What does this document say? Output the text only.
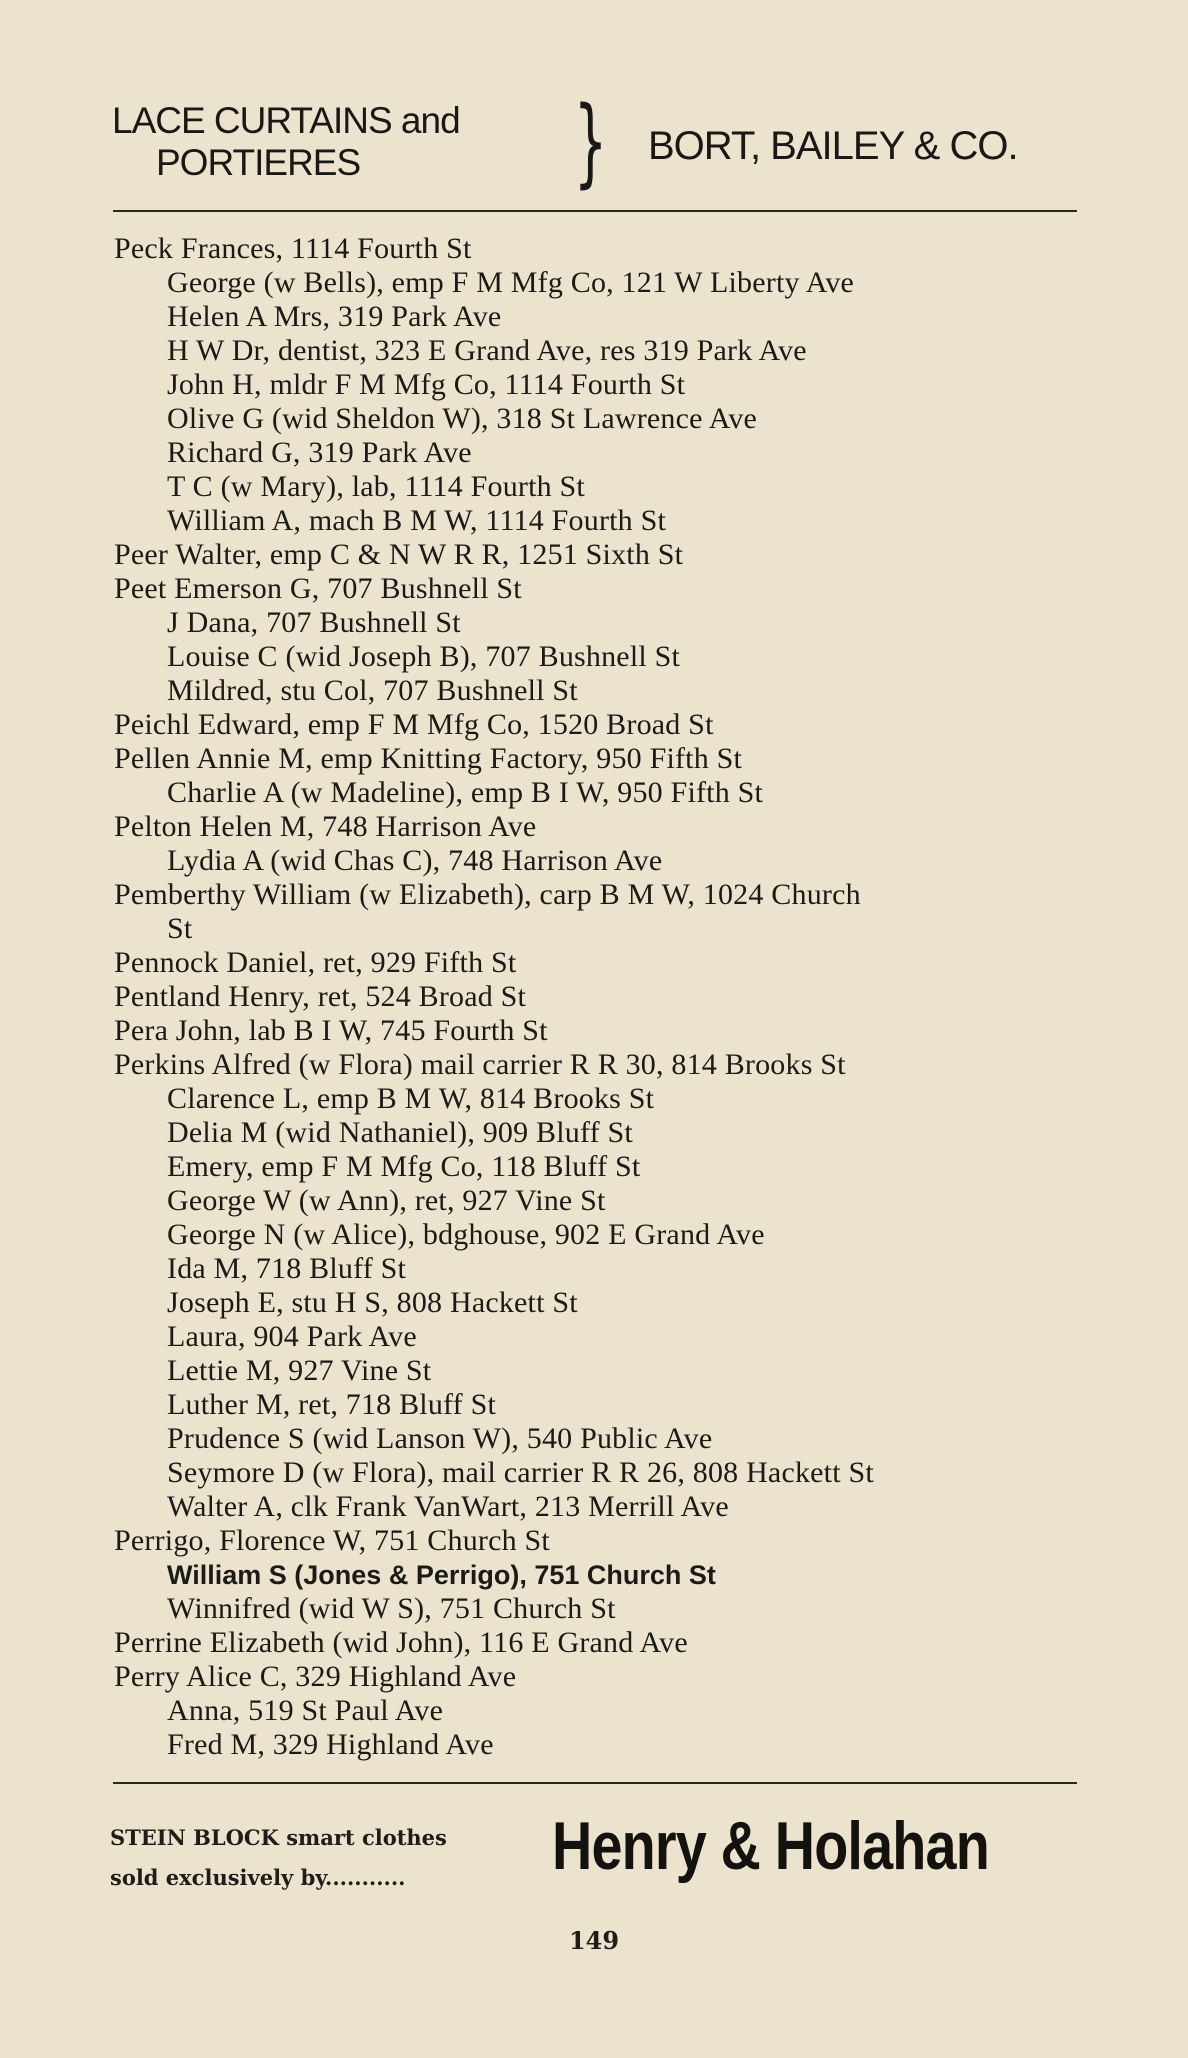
LACE CURTAINS and
PORTIERES	} BORT, BAILEY & CO.
Peck Frances, 1114 Fourth St
George (w Bells), emp F M Mfg Co, 121 W Liberty Ave
Helen A Mrs, 319 Park Ave
H W Dr, dentist, 323 E Grand Ave, res 319 Park Ave
John H, mldr F M Mfg Co, 1114 Fourth St
Olive G (wid Sheldon W), 318 St Lawrence Ave
Richard G, 319 Park Ave
T C (w Mary), lab, 1114 Fourth St
William A, mach B M W, 1114 Fourth St
Peer Walter, emp C & N W R R, 1251 Sixth St
Peet Emerson G, 707 Bushnell St
J Dana, 707 Bushnell St
Louise C (wid Joseph B), 707 Bushnell St
Mildred, stu Col, 707 Bushnell St
Peichl Edward, emp F M Mfg Co, 1520 Broad St
Pellen Annie M, emp Knitting Factory, 950 Fifth St
Charlie A (w Madeline), emp B I W, 950 Fifth St
Pelton Helen M, 748 Harrison Ave
Lydia A (wid Chas C), 748 Harrison Ave
Pemberthy William (w Elizabeth), carp B M W, 1024 Church
St
Pennock Daniel, ret, 929 Fifth St
Pentland Henry, ret, 524 Broad St
Pera John, lab B I W, 745 Fourth St
Perkins Alfred (w Flora) mail carrier R R 30, 814 Brooks St
Clarence L, emp B M W, 814 Brooks St
Delia M (wid Nathaniel), 909 Bluff St
Emery, emp F M Mfg Co, 118 Bluff St
George W (w Ann), ret, 927 Vine St
George N (w Alice), bdghouse, 902 E Grand Ave
Ida M, 718 Bluff St
Joseph E, stu H S, 808 Hackett St
Laura, 904 Park Ave
Lettie M, 927 Vine St
Luther M, ret, 718 Bluff St
Prudence S (wid Lanson W), 540 Public Ave
Seymore D (w Flora), mail carrier R R 26, 808 Hackett St
Walter A, clk Frank VanWart, 213 Merrill Ave
Perrigo, Florence W, 751 Church St
William S (Jones & Perrigo), 751 Church St
Winnifred (wid W S), 751 Church St
Perrine Elizabeth (wid John), 116 E Grand Ave
Perry Alice C, 329 Highland Ave
Anna, 519 St Paul Ave
Fred M, 329 Highland Ave
STEIN BLOCK smart clothes
sold exclusively by...........	Henry & Holahan
149
